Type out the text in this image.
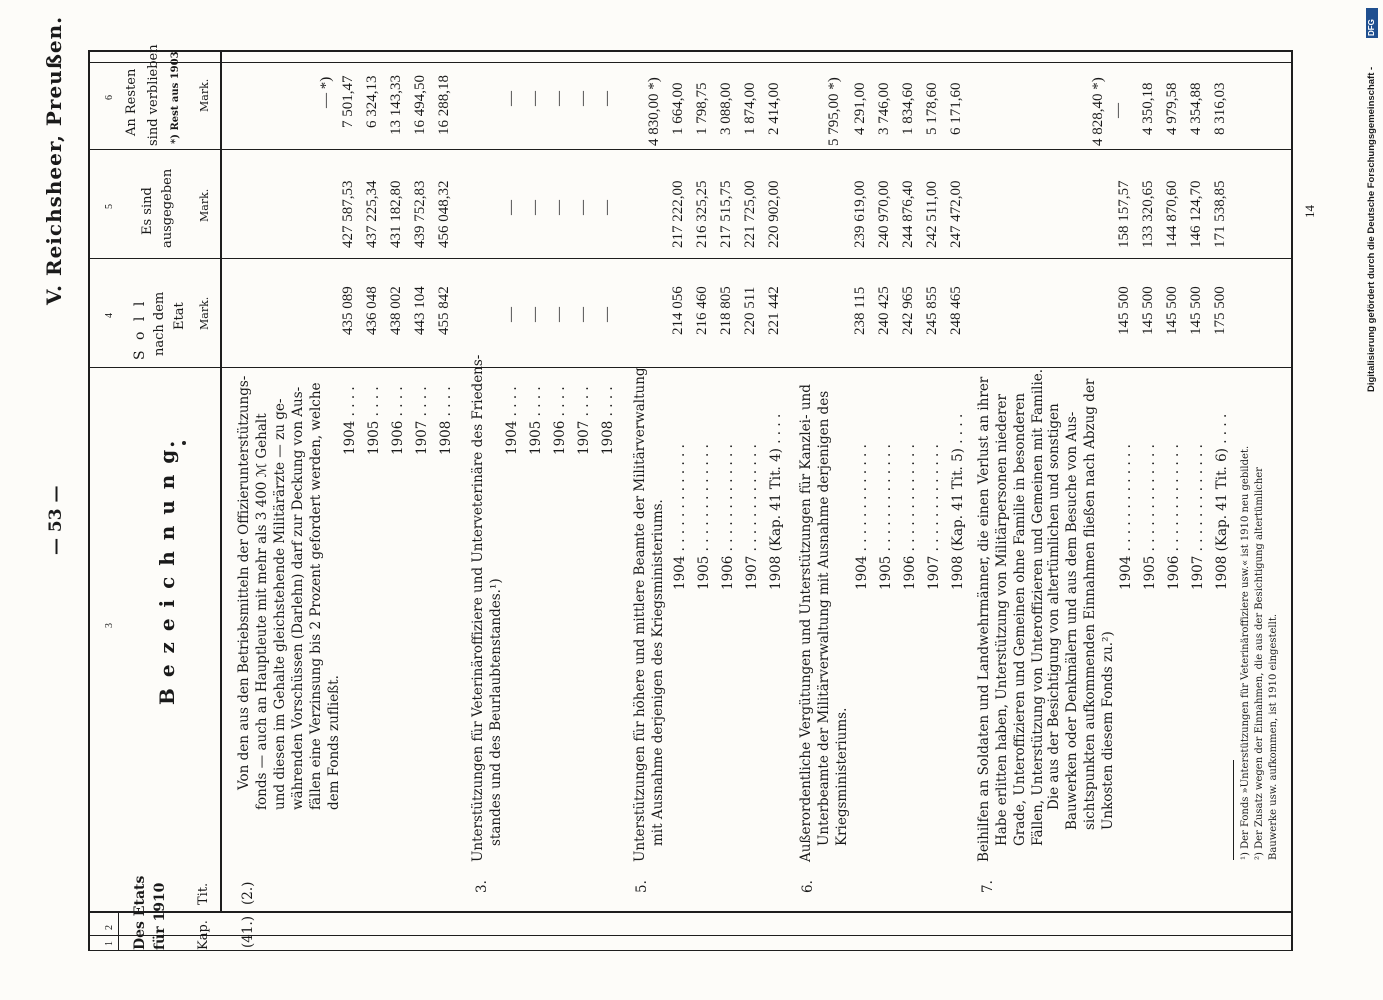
1
2
3
4
5
6
Des Etats für 1910 Kap.
Tit.
B e z e i c h n u n g.
S o l l nach dem Etat Mark.
Es sind ausgegeben Mark.
An Resten sind verblieben *) Rest aus 1903 Mark.
(41.)
(2.)
Von den aus den Betriebsmitteln der Offizierunterstützungs- fonds — auch an Hauptleute mit mehr als 3 400 ℳ Gehalt und diesen im Gehalte gleichstehende Militärärzte — zu ge- währenden Vorschüssen (Darlehn) darf zur Deckung von Aus- fällen eine Verzinsung bis 2 Prozent gefordert werden, welche dem Fonds zufließt.
1904 . . . . 1905 . . . . 1906 . . . . 1907 . . . . 1908 . . . .
435 089 436 048 438 002 443 104 455 842
427 587,53 437 225,34 431 182,80 439 752,83 456 048,32
— *) 7 501,47 6 324,13 13 143,33 16 494,50 16 288,18
3.
Unterstützungen für Veterinäroffiziere und Unterveterinäre des Friedens- standes und des Beurlaubtenstandes.¹)
1904 . . . . 1905 . . . . 1906 . . . . 1907 . . . . 1908 . . . .
— — — — —
— — — — —
— — — — —
5.
Unterstützungen für höhere und mittlere Beamte der Militärverwaltung mit Ausnahme derjenigen des Kriegsministeriums. 1904 . . . . . . . . . . . . . 1905 . . . . . . . . . . . . . 1906 . . . . . . . . . . . . . 1907 . . . . . . . . . . . . . 1908 (Kap. 41 Tit. 4) . . . .
214 056 216 460 218 805 220 511 221 442
217 222,00 216 325,25 217 515,75 221 725,00 220 902,00
4 830,00 *) 1 664,00 1 798,75 3 088,00 1 874,00 2 414,00
6.
Außerordentliche Vergütungen und Unterstützungen für Kanzlei- und Unterbeamte der Militärverwaltung mit Ausnahme derjenigen des Kriegsministeriums.
1904 . . . . . . . . . . . . . 1905 . . . . . . . . . . . . . 1906 . . . . . . . . . . . . . 1907 . . . . . . . . . . . . . 1908 (Kap. 41 Tit. 5) . . . .
238 115 240 425 242 965 245 855 248 465
239 619,00 240 970,00 244 876,40 242 511,00 247 472,00
5 795,00 *) 4 291,00 3 746,00 1 834,60 5 178,60 6 171,60
7.
Beihilfen an Soldaten und Landwehrmänner, die einen Verlust an ihrer Habe erlitten haben, Unterstützung von Militärpersonen niederer Grade, Unteroffizieren und Gemeinen ohne Familie in besonderen Fällen, Unterstützung von Unteroffizieren und Gemeinen mit Familie. Die aus der Besichtigung von altertümlichen und sonstigen Bauwerken oder Denkmälern und aus dem Besuche von Aus- sichtspunkten aufkommenden Einnahmen fließen nach Abzug der Unkosten diesem Fonds zu.²)
1904 . . . . . . . . . . . . . 1905 . . . . . . . . . . . . . 1906 . . . . . . . . . . . . . 1907 . . . . . . . . . . . . . 1908 (Kap. 41 Tit. 6) . . . .
145 500 145 500 145 500 145 500 175 500
158 157,57 133 320,65 144 870,60 146 124,70 171 538,85
4 828,40 *) — 4 350,18 4 979,58 4 354,88 8 316,03
¹) Der Fonds »Unterstützungen für Veterinäroffiziere usw.« ist 1910 neu gebildet. ²) Der Zusatz wegen der Einnahmen, die aus der Besichtigung altertümlicher Bauwerke usw. aufkommen, ist 1910 eingestellt.
— 53 —
V. Reichsheer, Preußen.	14	Digitalisierung gefördert durch die Deutsche Forschungsgemeinschaft -
DFG
